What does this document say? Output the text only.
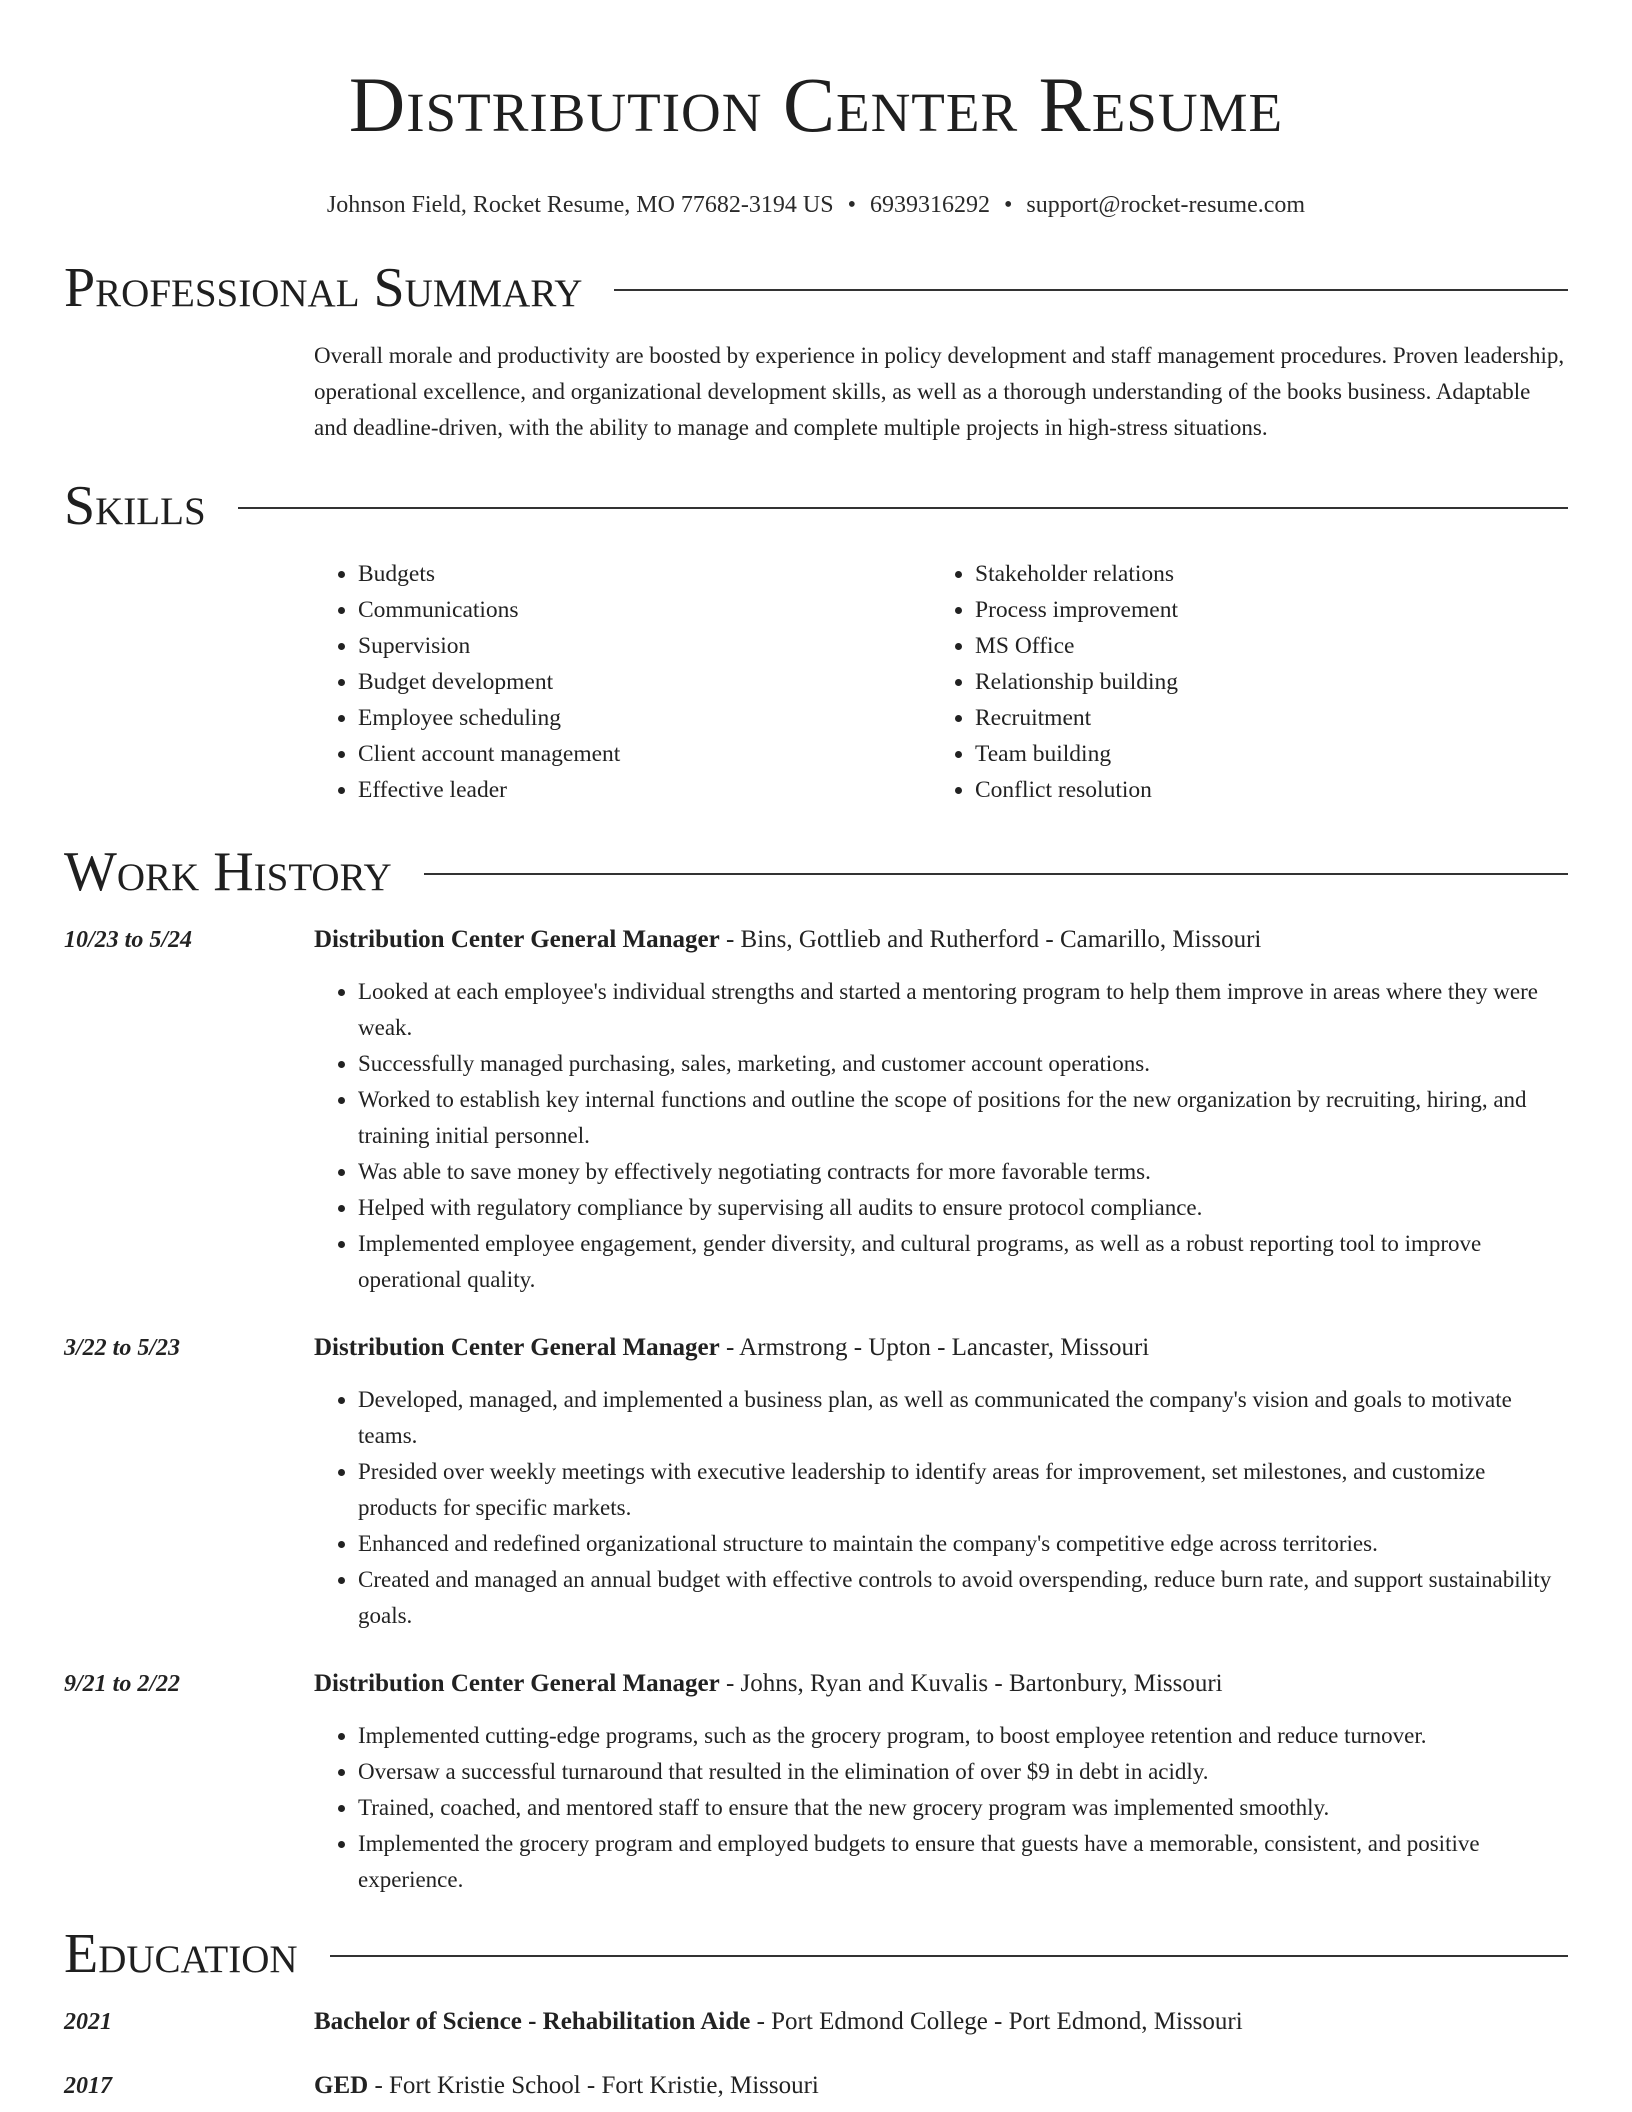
Distribution Center Resume
Johnson Field, Rocket Resume, MO 77682-3194 US • 6939316292 • support@rocket-resume.com
Professional Summary
Overall morale and productivity are boosted by experience in policy development and staff management procedures. Proven leadership, operational excellence, and organizational development skills, as well as a thorough understanding of the books business. Adaptable and deadline-driven, with the ability to manage and complete multiple projects in high-stress situations.
Skills
• Budgets
• Communications
• Supervision
• Budget development
• Employee scheduling
• Client account management
• Effective leader
• Stakeholder relations
• Process improvement
• MS Office
• Relationship building
• Recruitment
• Team building
• Conflict resolution
Work History
10/23 to 5/24	Distribution Center General Manager - Bins, Gottlieb and Rutherford - Camarillo, Missouri
• Looked at each employee's individual strengths and started a mentoring program to help them improve in areas where they were weak.
• Successfully managed purchasing, sales, marketing, and customer account operations.
• Worked to establish key internal functions and outline the scope of positions for the new organization by recruiting, hiring, and training initial personnel.
• Was able to save money by effectively negotiating contracts for more favorable terms.
• Helped with regulatory compliance by supervising all audits to ensure protocol compliance.
• Implemented employee engagement, gender diversity, and cultural programs, as well as a robust reporting tool to improve operational quality.
3/22 to 5/23	Distribution Center General Manager - Armstrong - Upton - Lancaster, Missouri
• Developed, managed, and implemented a business plan, as well as communicated the company's vision and goals to motivate teams.
• Presided over weekly meetings with executive leadership to identify areas for improvement, set milestones, and customize products for specific markets.
• Enhanced and redefined organizational structure to maintain the company's competitive edge across territories.
• Created and managed an annual budget with effective controls to avoid overspending, reduce burn rate, and support sustainability goals.
9/21 to 2/22	Distribution Center General Manager - Johns, Ryan and Kuvalis - Bartonbury, Missouri
• Implemented cutting-edge programs, such as the grocery program, to boost employee retention and reduce turnover.
• Oversaw a successful turnaround that resulted in the elimination of over $9 in debt in acidly.
• Trained, coached, and mentored staff to ensure that the new grocery program was implemented smoothly.
• Implemented the grocery program and employed budgets to ensure that guests have a memorable, consistent, and positive experience.
Education
2021	Bachelor of Science - Rehabilitation Aide - Port Edmond College - Port Edmond, Missouri
2017	GED - Fort Kristie School - Fort Kristie, Missouri
